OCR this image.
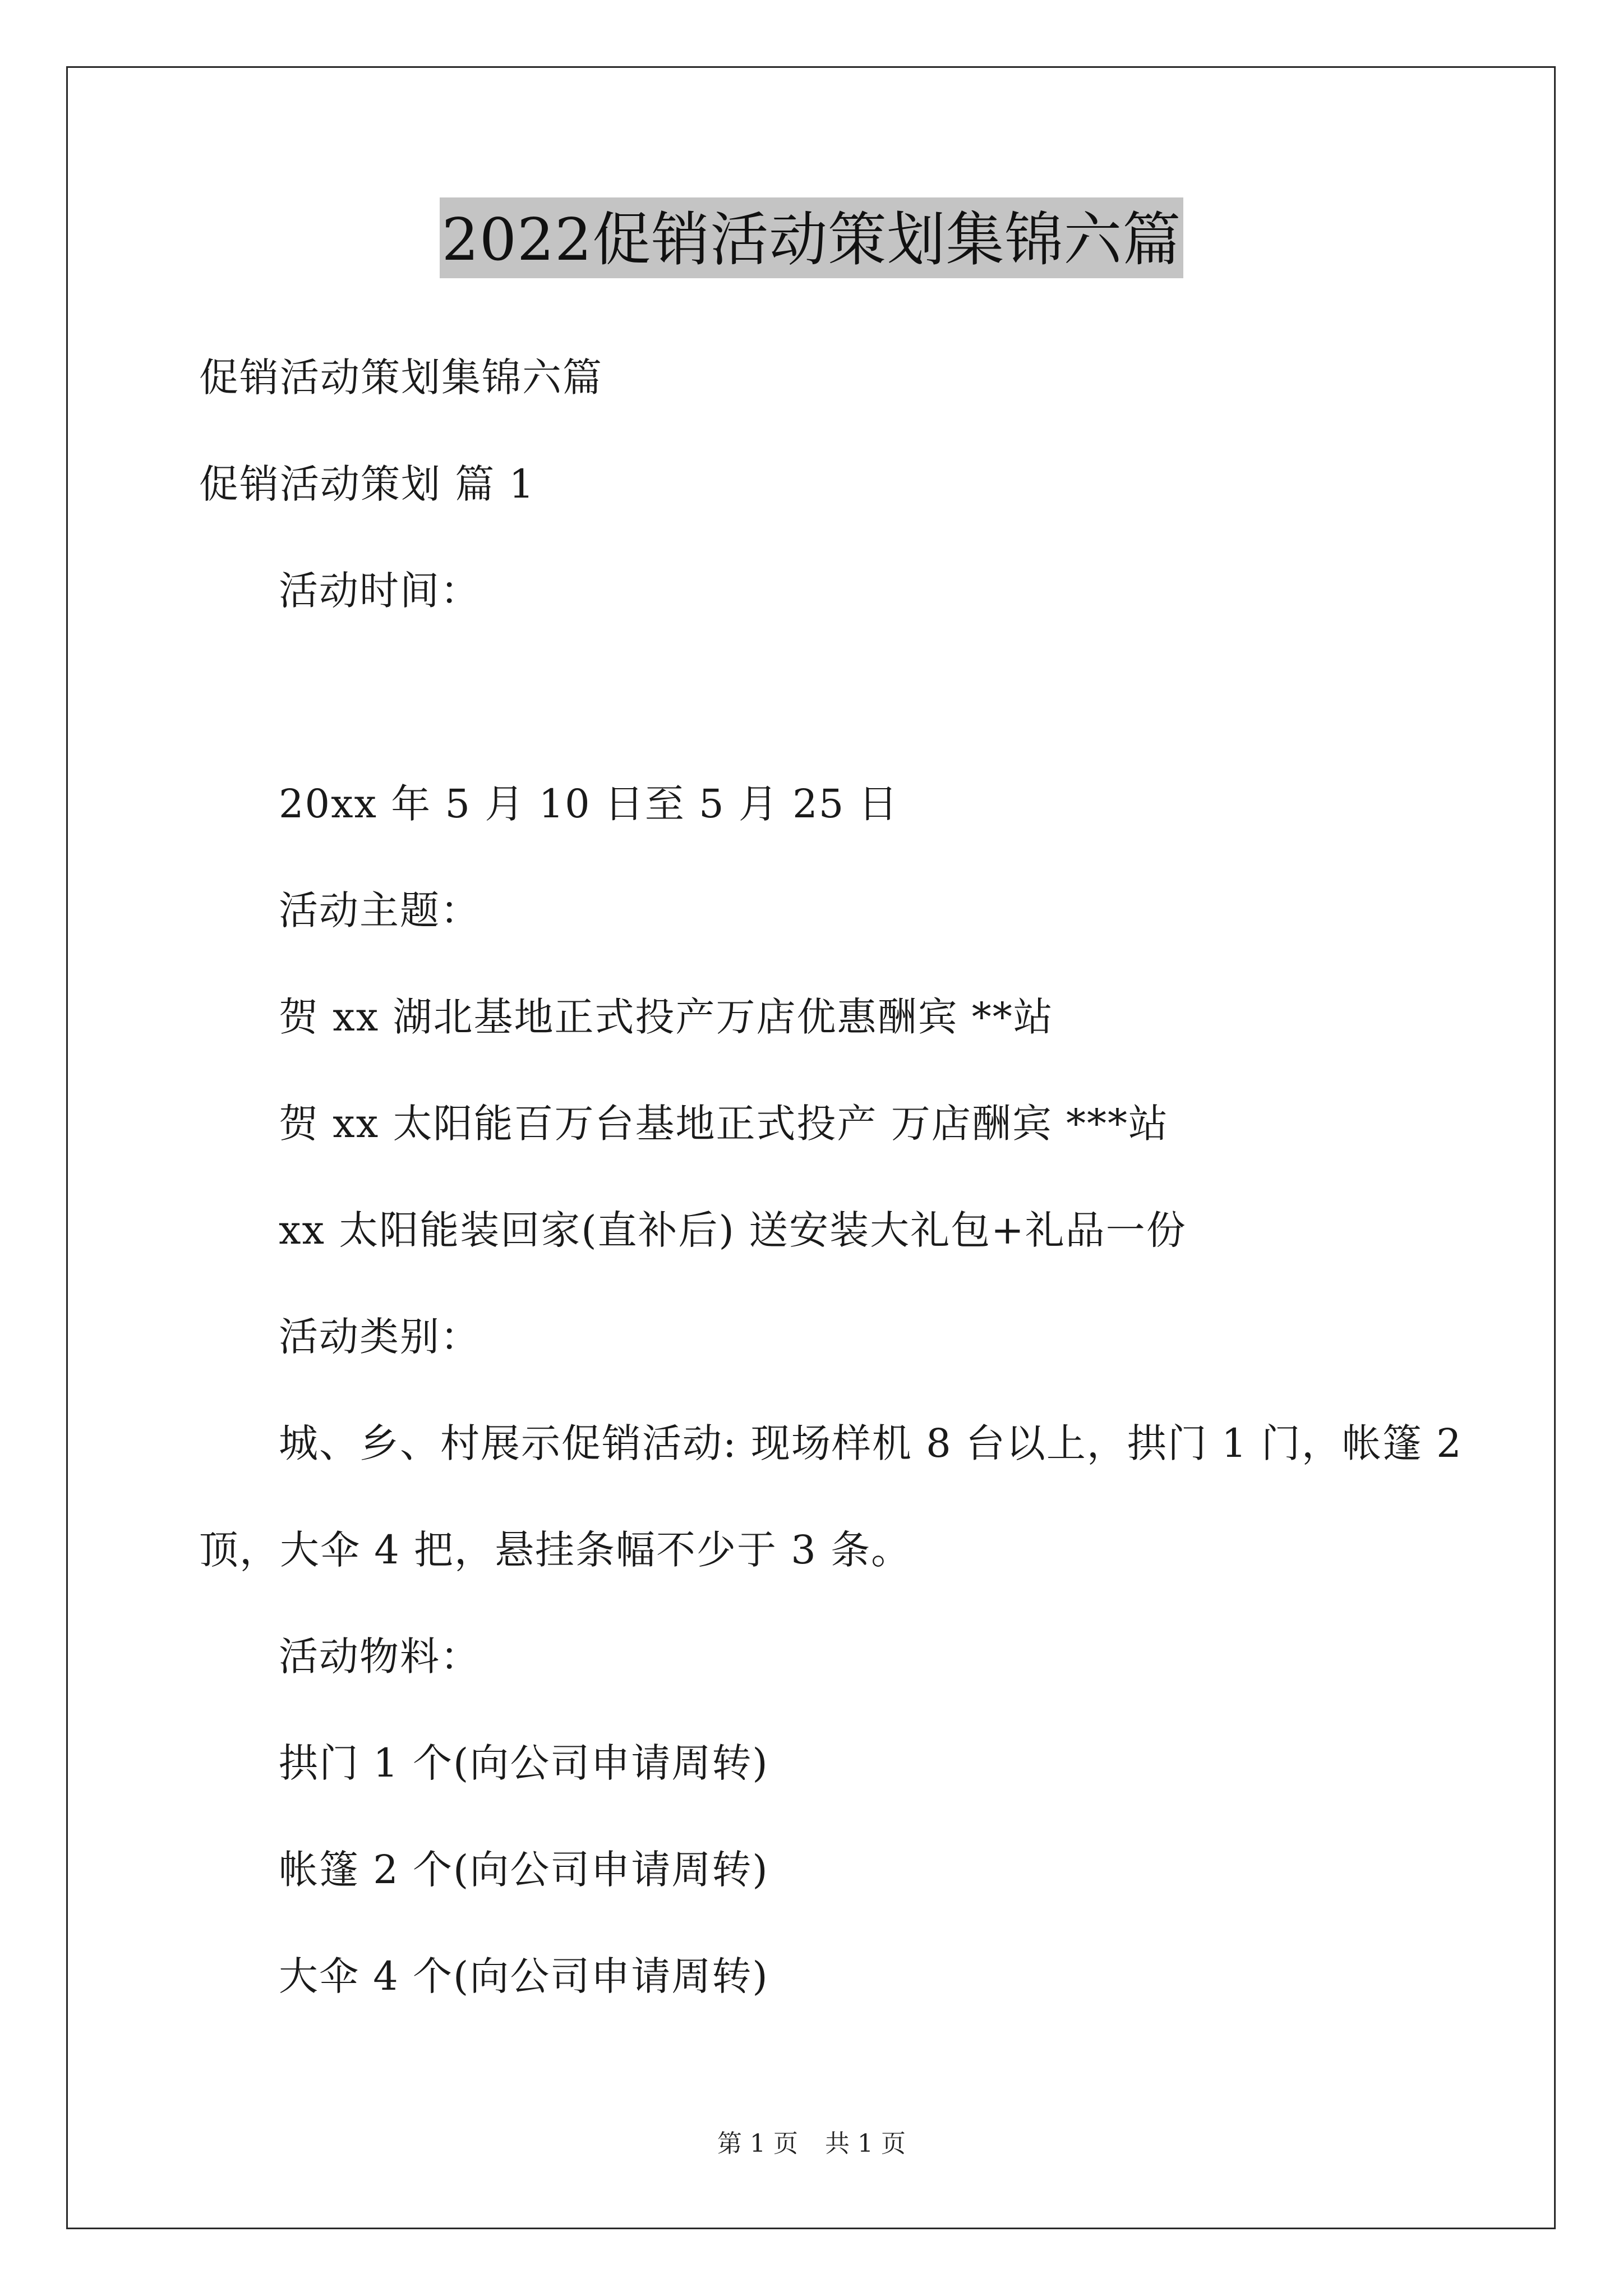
2022促销活动策划集锦六篇
促销活动策划集锦六篇
促销活动策划 篇 1
活动时间：
20xx 年 5 月 10 日至 5 月 25 日
活动主题：
贺 xx 湖北基地正式投产万店优惠酬宾 **站
贺 xx 太阳能百万台基地正式投产 万店酬宾 ***站
xx 太阳能装回家(直补后) 送安装大礼包+礼品一份
活动类别：
城、乡、村展示促销活动: 现场样机 8 台以上，拱门 1 门，帐篷 2
顶，大伞 4 把，悬挂条幅不少于 3 条。
活动物料：
拱门 1 个(向公司申请周转)
帐篷 2 个(向公司申请周转)
大伞 4 个(向公司申请周转)
第 1 页 共 1 页
